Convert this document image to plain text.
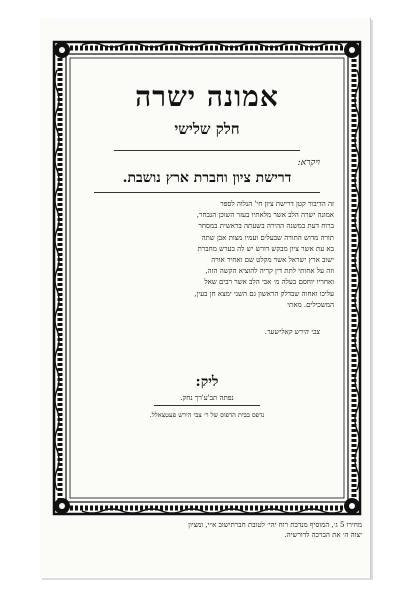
אמונה ישרה
חלק שלישי
ויקרא:
דרישת ציון וחברת ארץ נושבת.
זה הדיבור קטן דרישת ציון חי' הנלוה לספר
אמונה ישרה הלב אשר מלאתיו בעזר השוכן הנבחר,
ברוח דעת במשנה ההירה בשעתה בראשית במסחר
תורה מדוש התורה שבעל׳ם ועמיו מצות אבן שתה
בא עת אשר ציון מבקש דורש יש לה בערש מחברת
ישוב ארץ ישראל אשר מקלט שם ואחיר אורה
וזה על אחותי לתת דין קריה להוציא הקשה הזה,
ואחריו יוחסם בעלה מ׳ אבי הלב אשר רבים שאל
עליכו ואחוה שבדלק הראשון גם השני ימצא חן בעין,
המשכילים. מאתי
צבי הירש קאלישער.
ליק:
נפתה תב'ע'רך נחק.
נדפס בבית הדפוס של ר׳ צבי הירש פעטצאלל.
מחירו 5 ג׳, המוסיף מנדבת רוח יהי׳ לטובת חברתישוב א״י, ומציון
יצוה ה׳ את הברכה לדורשיה.
